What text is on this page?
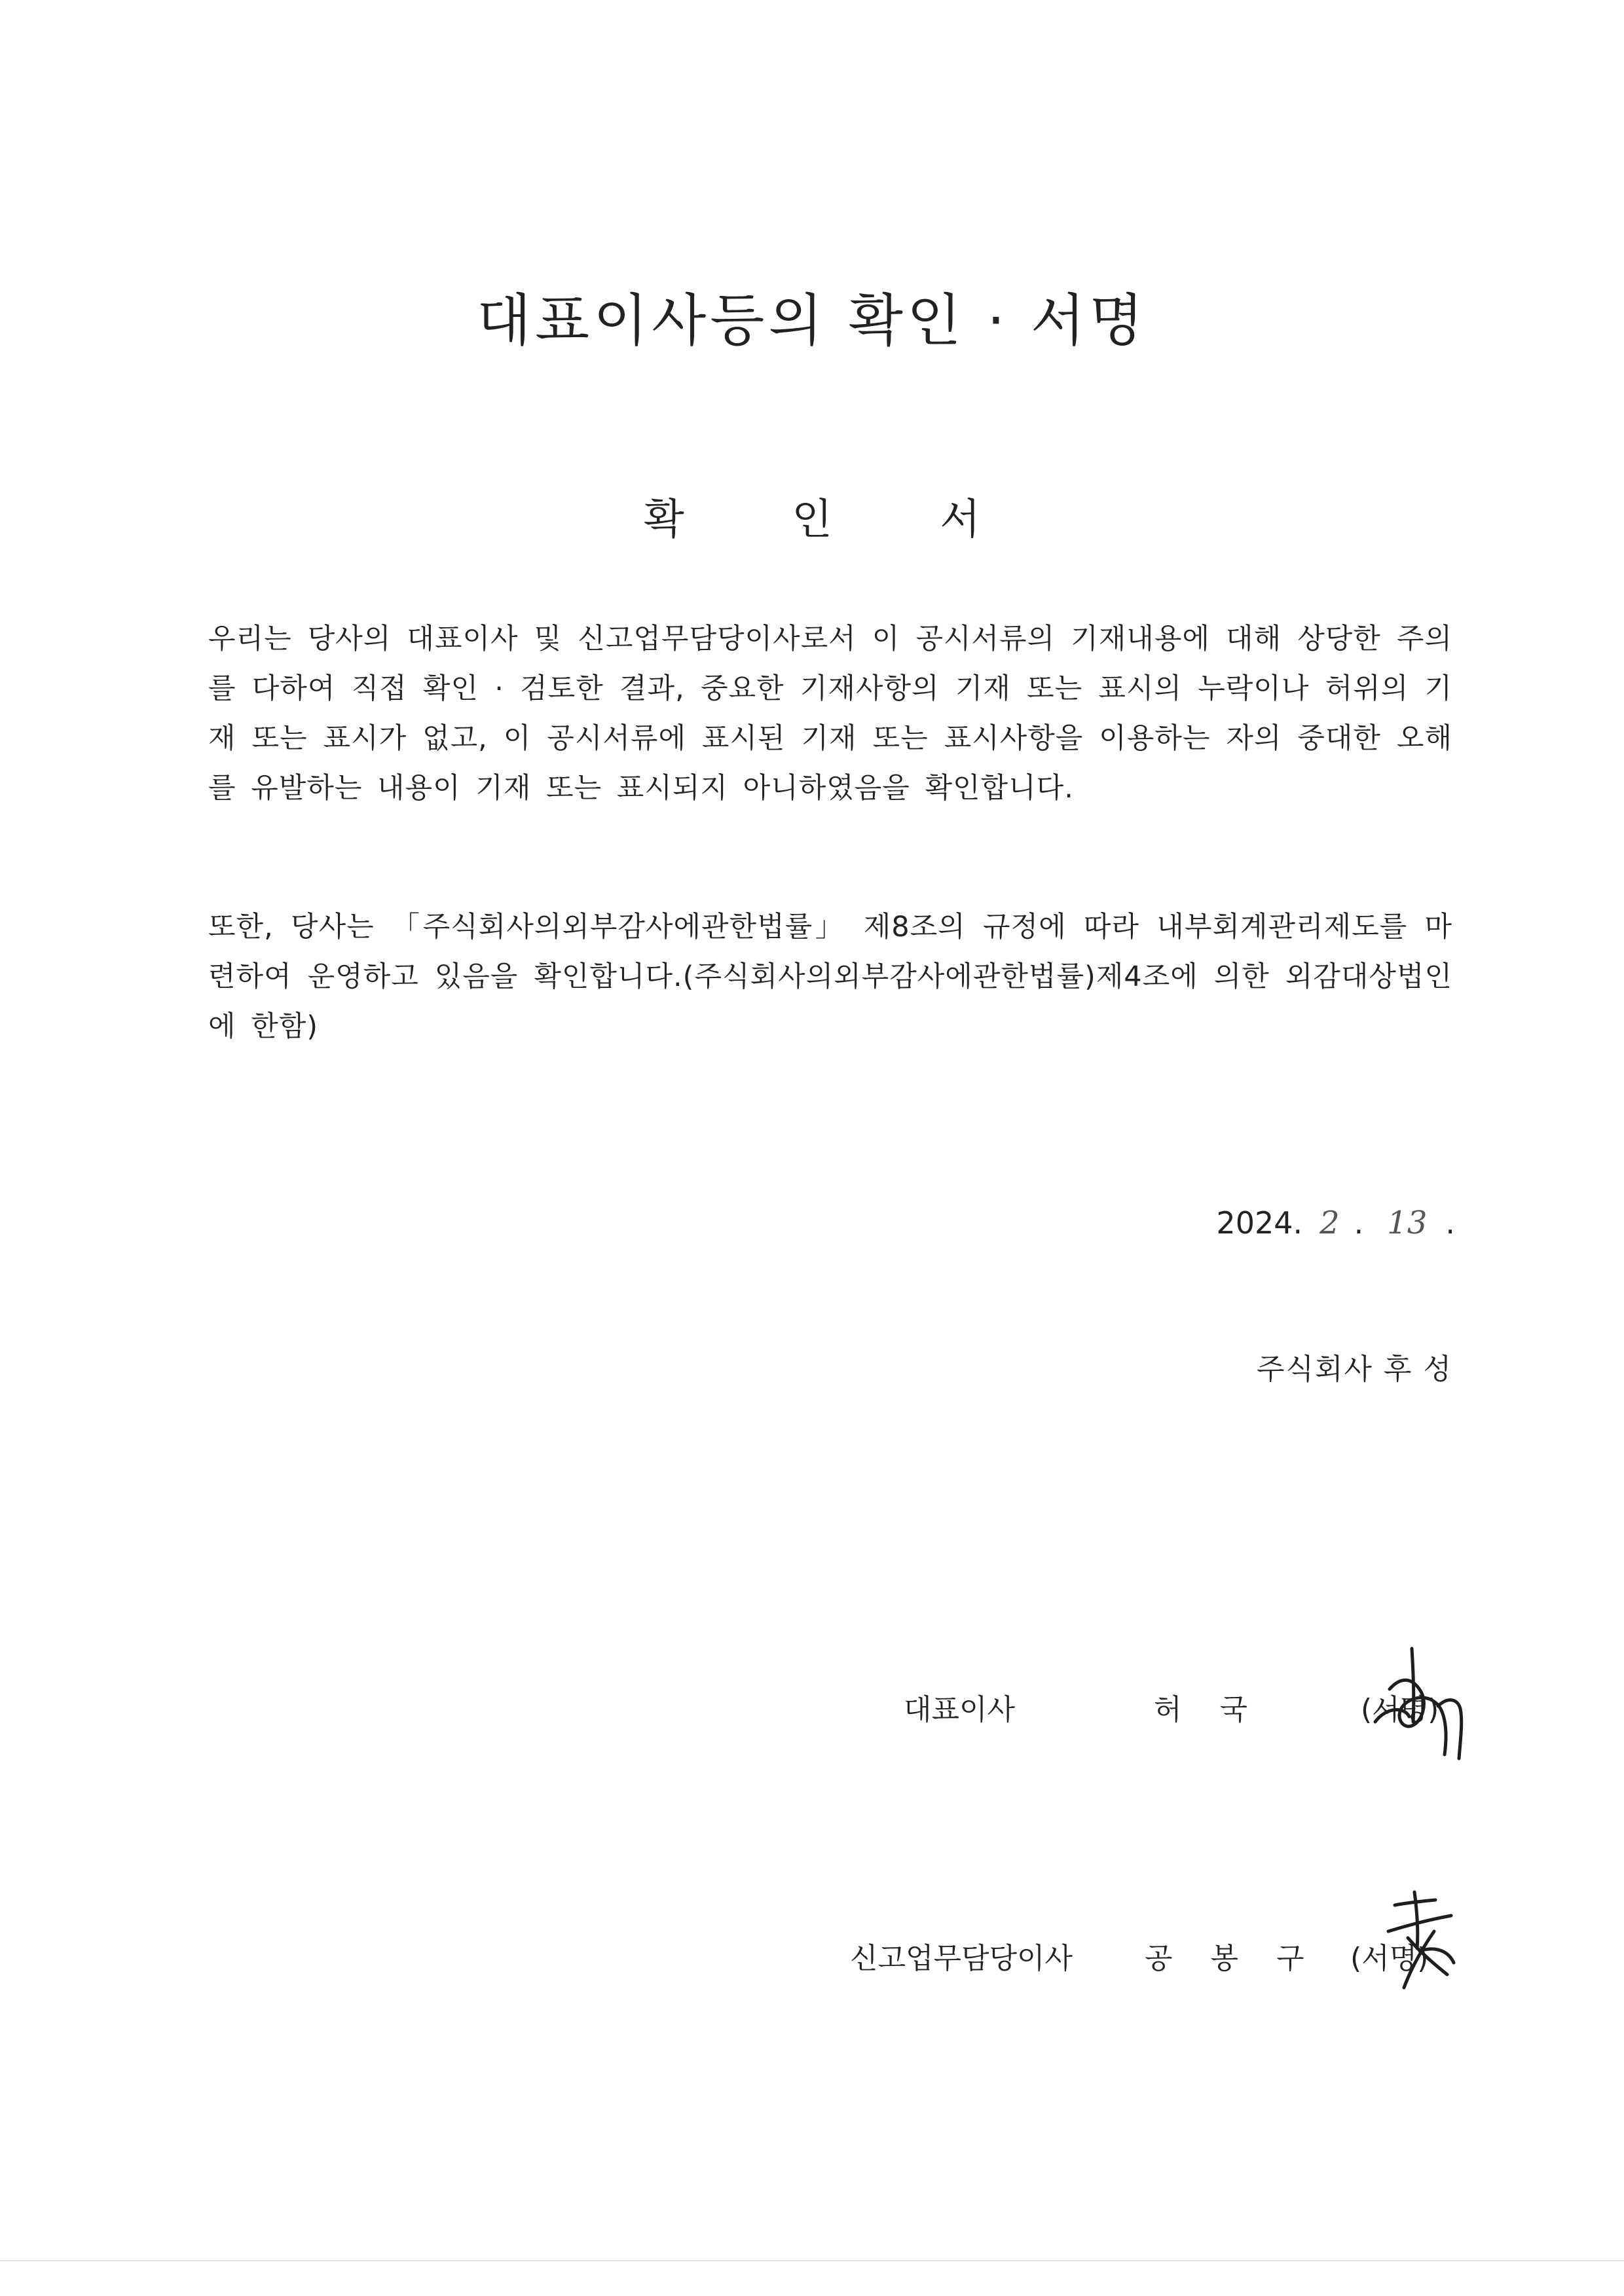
대표이사등의 확인 · 서명
확 인 서

우리는 당사의 대표이사 및 신고업무담당이사로서 이 공시서류의 기재내용에 대해 상당한 주의를 다하여 직접 확인 · 검토한 결과, 중요한 기재사항의 기재 또는 표시의 누락이나 허위의 기재 또는 표시가 없고, 이 공시서류에 표시된 기재 또는 표시사항을 이용하는 자의 중대한 오해를 유발하는 내용이 기재 또는 표시되지 아니하였음을 확인합니다.

또한, 당사는 「주식회사의외부감사에관한법률」 제8조의 규정에 따라 내부회계관리제도를 마련하여 운영하고 있음을 확인합니다.(주식회사의외부감사에관한법률)제4조에 의한 외감대상법인에 한함)

2024. 2 . 13 .
주식회사 후 성
대표이사	허국	(서명)
신고업무담당이사 공봉구 (서명)
